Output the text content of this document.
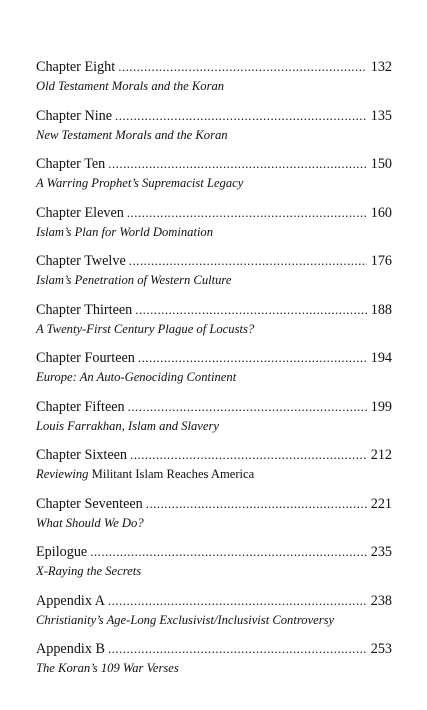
Chapter Eight . . .	132
Old Testament Morals and the Koran
Chapter Nine . . .	135
New Testament Morals and the Koran
Chapter Ten . . .	150
A Warring Prophet’s Supremacist Legacy
Chapter Eleven . . .	160
Islam’s Plan for World Domination
Chapter Twelve . . .	176
Islam’s Penetration of Western Culture
Chapter Thirteen . . .	188
A Twenty-First Century Plague of Locusts?
Chapter Fourteen . . .	194
Europe: An Auto-Genociding Continent
Chapter Fifteen . . .	199
Louis Farrakhan, Islam and Slavery
Chapter Sixteen . . .	212
Reviewing Militant Islam Reaches America
Chapter Seventeen . . .	221
What Should We Do?
Epilogue . . .	235
X-Raying the Secrets
Appendix A . . .	238
Christianity’s Age-Long Exclusivist/Inclusivist Controversy
Appendix B . . .	253
The Koran’s 109 War Verses
